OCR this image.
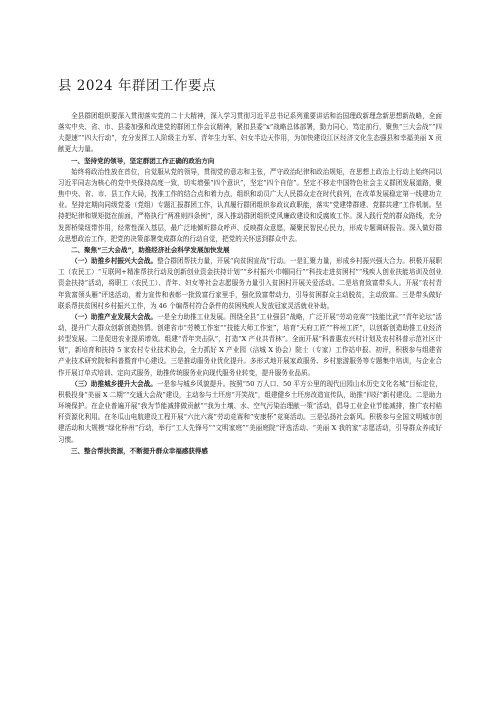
县 2024 年群团工作要点

全县群团组织要深入贯彻落实党的二十大精神，深入学习贯彻习近平总书记系列重要讲话和治国理政新理念新思想新战略，全面落实中央、省、市、县委加强和改进党的群团工作会议精神，紧扣县委“x”战略总体部署，勠力同心，笃定前行，聚焦“三大会战”“四大提速”“四大行动”，充分发挥工人阶级主力军、青年生力军、妇女半边天作用，为加快建设江区经济文化生态强县和幸福美丽 X 贡献更大力量。

一、坚持党的领导，坚定群团工作正确的政治方向

始终将政治性放在首位，自觉服从党的领导，贯彻党的意志和主张，严守政治纪律和政治规矩，在思想上政治上行动上始终同以习近平同志为核心的党中央保持高度一致，切实增强“四个意识”，坚定“四个自信”。坚定不移走中国特色社会主义群团发展道路，聚焦中央、省、市、县工作大局，找准工作的结合点和着力点，组织和动员广大人民群众走在时代前列，在改革发展稳定第一线建功立业。坚持定期向同级党委（党组）专题汇报群团工作，认真履行群团组织参政议政职能，落实“党建带群建、党群共建”工作机制。坚持把纪律和规矩挺在前面，严格执行“两准则四条例”，深入推动群团组织党风廉政建设和反腐败工作。深入践行党的群众路线，充分发挥桥梁纽带作用，经常性深入基层，最广泛地倾听群众呼声、反映群众意愿，凝聚民智民心民力，形成专题调研报告。深入做好群众思想政治工作，把党的决策部署变成群众的行动自觉，把党的关怀送到群众中去。

二、聚焦“三大会战”，助推经济社会科学发展加快发展

（一）助推乡村振兴大会战。整合群团帮扶力量，开展“向贫困宣战”行动。一是汇聚力量，形成乡村振兴强大合力。积极开展职工（农民工）“互联网+精准帮扶行动及创新创业资金扶持计划”“乡村振兴·巾帼同行”“科技走进贫困村”“残疾人创业扶能培训及创业资金扶持”活动，将职工（农民工）、青年、妇女等社会志愿服务力量引入贫困村开展关爱活动。二是培育致富带头人。开展“农村青年致富领头雁”评选活动，着力宣传和表彰一批致富行家里手，强化致富带动力，引导贫困群众主动脱贫，主动致富。三是带头做好联系帮扶贫困村乡村振兴工作，为 46 个编帮村符合条件的贫困残疾人发放冠家灵活就业补助。

（一）助推产业发展大会战。一是全力助推工业发展。围绕全县“工业强县”战略，广泛开展“劳动竞赛”“技能比武”“青年论坛”活动，提升广大群众创新创造热情。创建省市“劳模工作室”“技能大师工作室”，培育“天府工匠”“梓州工匠”，以创新创造助推工业经济转型发展。二是促进农业提质增效。组建“青年突击队”，打造“X 产业共青林”。全面开展“科普惠农兴村计划及农村科普示范社区计划”，新培育和扶持 5 家农村专业技术协会，全力抓好 X 产业园（涪城 X 协会）院士（专家）工作站申报、初评，积极参与组建省产业技术研究院和科普暨育中心建设。三是推动服务业优化提升。多形式地开展家政服务、乡村旅游服务等专题集中培训，与企业合作开展订单式培训、定向式服务，助推传统服务业向现代服务业转变，提升服务业品质。

（三）助推城乡提升大会战。一是参与城乡风貌提升。按照“50 万人口、50 平方公里的现代田园山水历史文化名城”目标定位，积极投身“美丽 X 二期”“交通大会战”建设，主动参与土坯房“开笑战”，组建健乡土坯房改造宣传队，助推“四好”新村建设。二是助力环境保护。在企业普遍开展“我为节能减排做贡献”“我为土壤、水、空气污染治理献一策”活动，倡导工业企业节能减排，推广农村秸秆资源化利用。在冬瓜山电航建设工程开展“六比六赛”劳动竞赛和“安康杯”竞赛活动。三是弘扬社会新风。积极参与全国文明城市创建活动和大规模“绿化梓州”行动，举行“工人先锋号”“文明家庭”“美丽庭院”评选活动、“美丽 X 我的家”志愿活动，引导群众养成好习惯。

三、整合帮扶资源，不断提升群众幸福感获得感
